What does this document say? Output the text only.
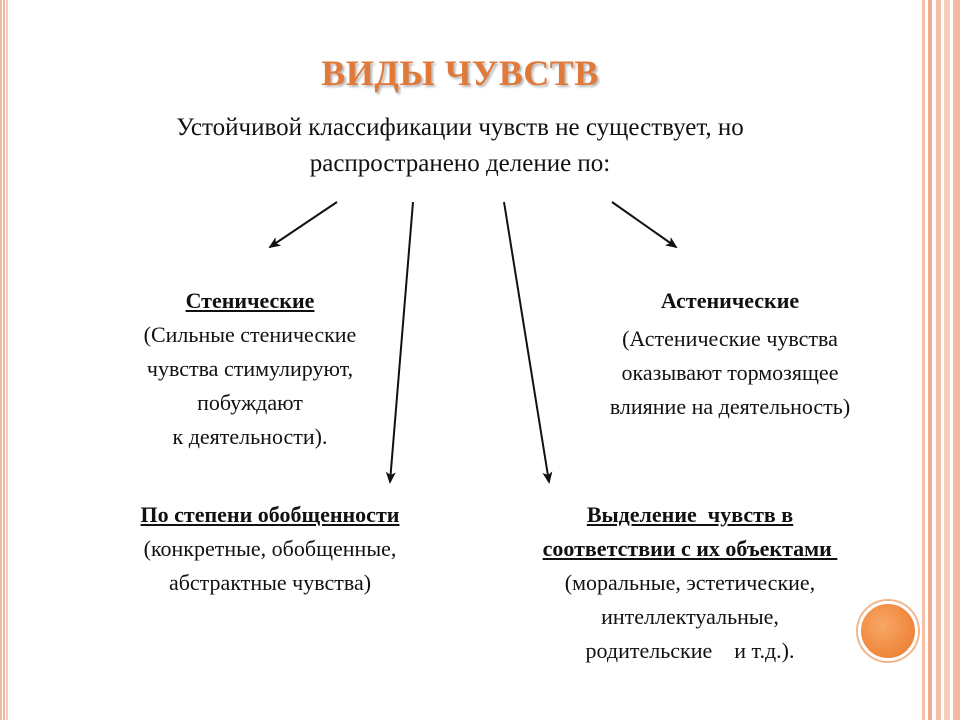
ВИДЫ ЧУВСТВ
Устойчивой классификации чувств не существует, но
распространено деление по:
Стенические
(Сильные стенические
чувства стимулируют,
побуждают
к деятельности).
Астенические
(Астенические чувства
оказывают тормозящее
влияние на деятельность)
По степени обобщенности
(конкретные, обобщенные,
абстрактные чувства)
Выделение  чувств в
соответствии с их объектами
(моральные, эстетические,
интеллектуальные,
родительские    и т.д.).
